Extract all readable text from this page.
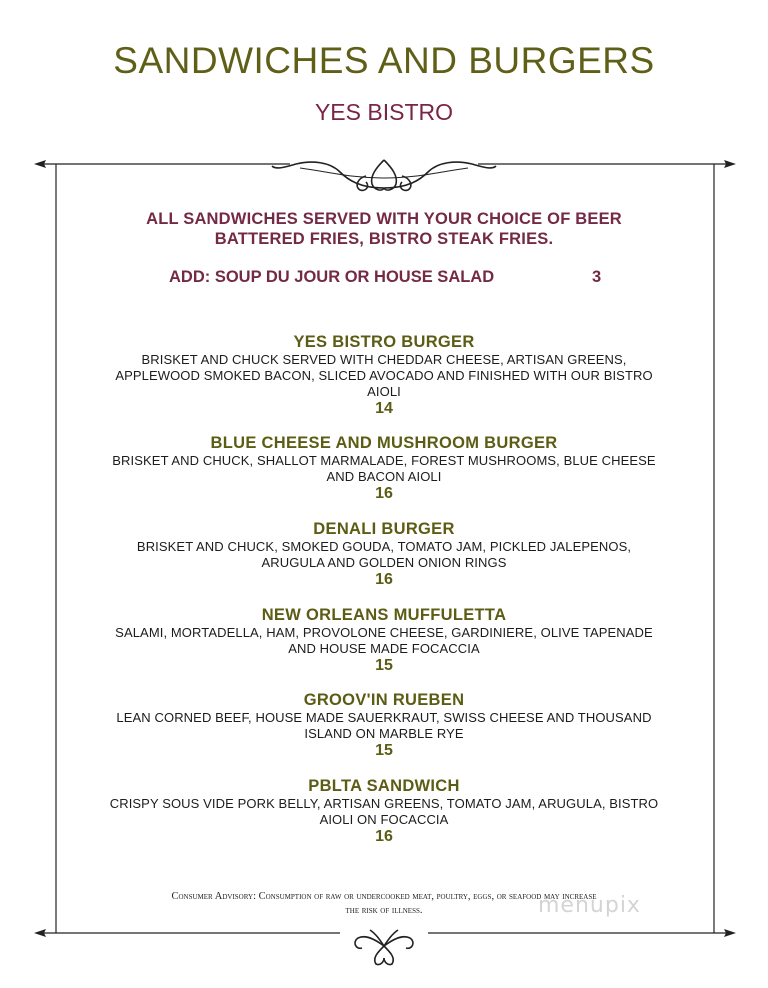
SANDWICHES AND BURGERS
YES BISTRO
ALL SANDWICHES SERVED WITH YOUR CHOICE OF BEER
BATTERED FRIES, BISTRO STEAK FRIES.
ADD: SOUP DU JOUR OR HOUSE SALAD	3
YES BISTRO BURGER
BRISKET AND CHUCK SERVED WITH CHEDDAR CHEESE, ARTISAN GREENS,
APPLEWOOD SMOKED BACON, SLICED AVOCADO AND FINISHED WITH OUR BISTRO
AIOLI
14
BLUE CHEESE AND MUSHROOM BURGER
BRISKET AND CHUCK, SHALLOT MARMALADE, FOREST MUSHROOMS, BLUE CHEESE
AND BACON AIOLI
16
DENALI BURGER
BRISKET AND CHUCK, SMOKED GOUDA, TOMATO JAM, PICKLED JALEPENOS,
ARUGULA AND GOLDEN ONION RINGS
16
NEW ORLEANS MUFFULETTA
SALAMI, MORTADELLA, HAM, PROVOLONE CHEESE, GARDINIERE, OLIVE TAPENADE
AND HOUSE MADE FOCACCIA
15
GROOV'IN RUEBEN
LEAN CORNED BEEF, HOUSE MADE SAUERKRAUT, SWISS CHEESE AND THOUSAND
ISLAND ON MARBLE RYE
15
PBLTA SANDWICH
CRISPY SOUS VIDE PORK BELLY, ARTISAN GREENS, TOMATO JAM, ARUGULA, BISTRO
AIOLI ON FOCACCIA
16
Consumer Advisory: Consumption of raw or undercooked meat, poultry, eggs, or seafood may increase
the risk of illness.	menupix
